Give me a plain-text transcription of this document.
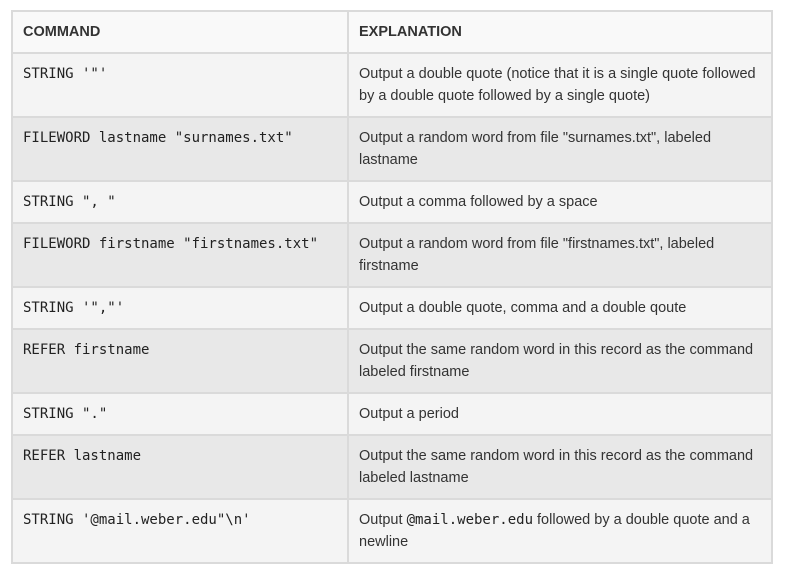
COMMAND	EXPLANATION
STRING '"'	Output a double quote (notice that it is a single quote followed by a double quote followed by a single quote)
FILEWORD lastname "surnames.txt"	Output a random word from file "surnames.txt", labeled lastname
STRING ", "	Output a comma followed by a space
FILEWORD firstname "firstnames.txt"	Output a random word from file "firstnames.txt", labeled firstname
STRING '","'	Output a double quote, comma and a double qoute
REFER firstname	Output the same random word in this record as the command labeled firstname
STRING "."	Output a period
REFER lastname	Output the same random word in this record as the command labeled lastname
STRING '@mail.weber.edu"\n'	Output @mail.weber.edu followed by a double quote and a newline
